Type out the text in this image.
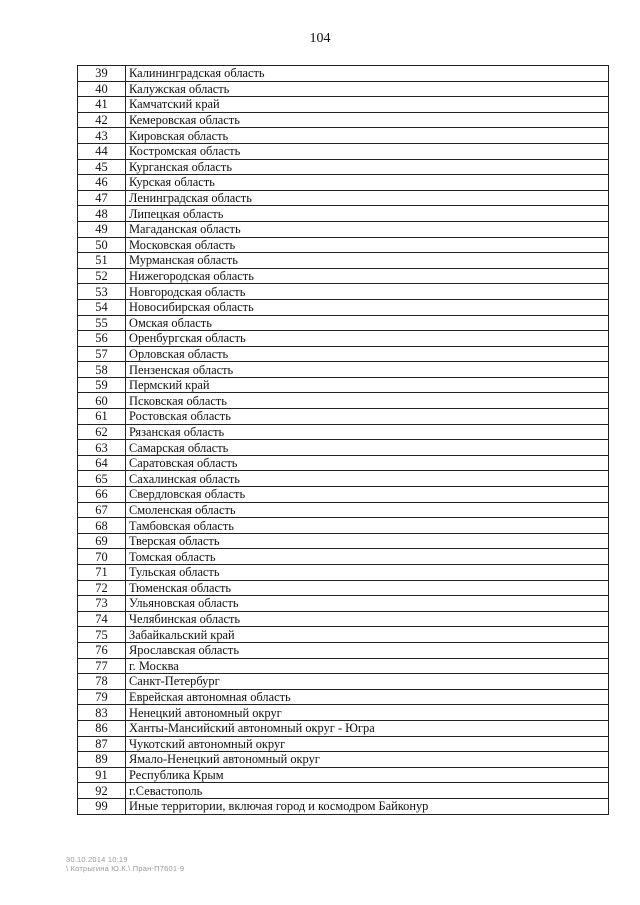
104
39	Калининградская область
40	Калужская область
41	Камчатский край
42	Кемеровская область
43	Кировская область
44	Костромская область
45	Курганская область
46	Курская область
47	Ленинградская область
48	Липецкая область
49	Магаданская область
50	Московская область
51	Мурманская область
52	Нижегородская область
53	Новгородская область
54	Новосибирская область
55	Омская область
56	Оренбургская область
57	Орловская область
58	Пензенская область
59	Пермский край
60	Псковская область
61	Ростовская область
62	Рязанская область
63	Самарская область
64	Саратовская область
65	Сахалинская область
66	Свердловская область
67	Смоленская область
68	Тамбовская область
69	Тверская область
70	Томская область
71	Тульская область
72	Тюменская область
73	Ульяновская область
74	Челябинская область
75	Забайкальский край
76	Ярославская область
77	г. Москва
78	Санкт-Петербург
79	Еврейская автономная область
83	Ненецкий автономный округ
86	Ханты-Мансийский автономный округ - Югра
87	Чукотский автономный округ
89	Ямало-Ненецкий автономный округ
91	Республика Крым
92	г.Севастополь
99	Иные территории, включая город и космодром Байконур
30.10.2014 10:19
\ Котрыгина Ю.К.\ Пран-П7601-9
